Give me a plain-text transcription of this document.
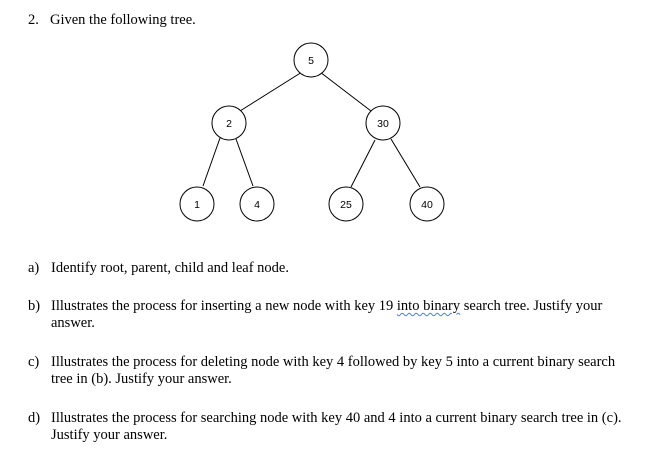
2. Given the following tree.
5
2	30
1	4	25	40
a) Identify root, parent, child and leaf node.
b) Illustrates the process for inserting a new node with key 19 into binary search tree. Justify your answer.
c) Illustrates the process for deleting node with key 4 followed by key 5 into a current binary search tree in (b). Justify your answer.
d) Illustrates the process for searching node with key 40 and 4 into a current binary search tree in (c). Justify your answer.
